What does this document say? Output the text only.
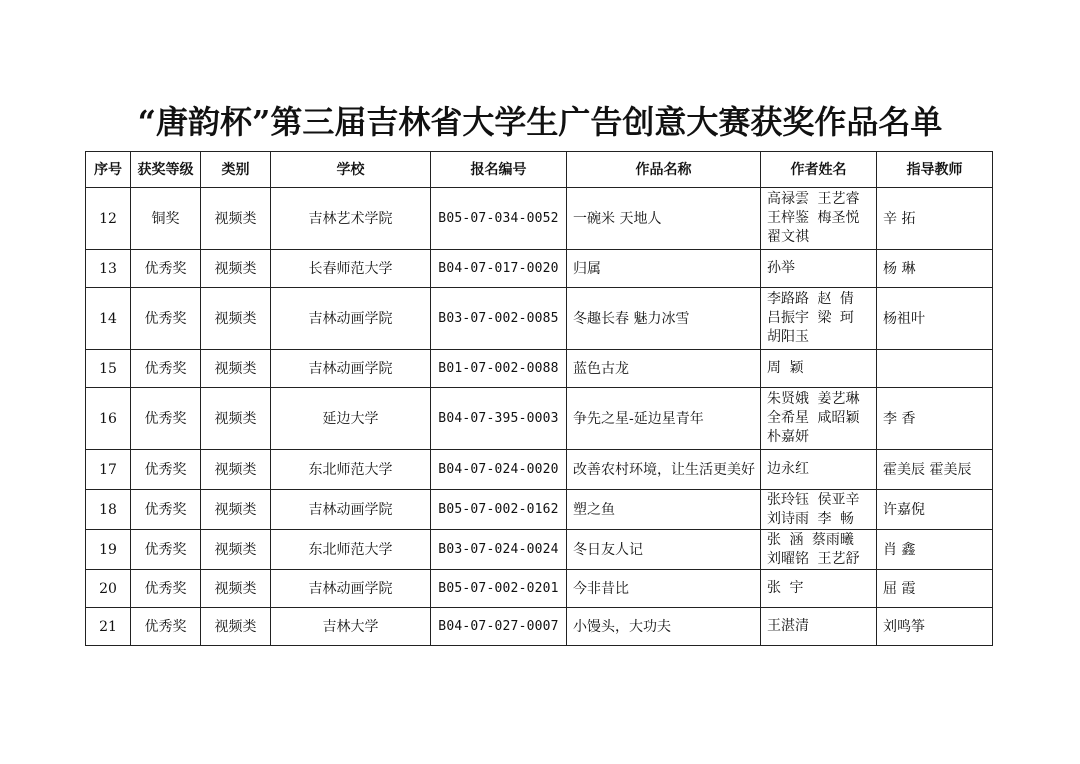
“唐韵杯”第三届吉林省大学生广告创意大赛获奖作品名单
序号	获奖等级	类别	学校	报名编号	作品名称	作者姓名	指导教师
12	铜奖	视频类	吉林艺术学院	B05-07-034-0052	一碗米 天地人	高禄雲 王艺睿
王梓鉴 梅圣悦
翟文祺	辛 拓
13	优秀奖	视频类	长春师范大学	B04-07-017-0020	归属	孙举	杨 琳
14	优秀奖	视频类	吉林动画学院	B03-07-002-0085	冬趣长春 魅力冰雪	李路路 赵 倩
吕振宇 梁 珂
胡阳玉	杨祖叶
15	优秀奖	视频类	吉林动画学院	B01-07-002-0088	蓝色古龙	周 颖	

16	优秀奖	视频类	延边大学	B04-07-395-0003	争先之星-延边星青年	朱贤娥 姜艺琳
全希星 咸昭颖
朴嘉妍	李 香
17	优秀奖	视频类	东北师范大学	B04-07-024-0020	改善农村环境，让生活更美好	边永红	霍美辰 霍美辰
18	优秀奖	视频类	吉林动画学院	B05-07-002-0162	塑之鱼	张玲钰 侯亚辛
刘诗雨 李 畅	许嘉倪
19	优秀奖	视频类	东北师范大学	B03-07-024-0024	冬日友人记	张 涵 蔡雨曦
刘曜铭 王艺舒	肖 鑫
20	优秀奖	视频类	吉林动画学院	B05-07-002-0201	今非昔比	张 宇	屈 霞
21	优秀奖	视频类	吉林大学	B04-07-027-0007	小馒头，大功夫	王湛清	刘鸣筝
